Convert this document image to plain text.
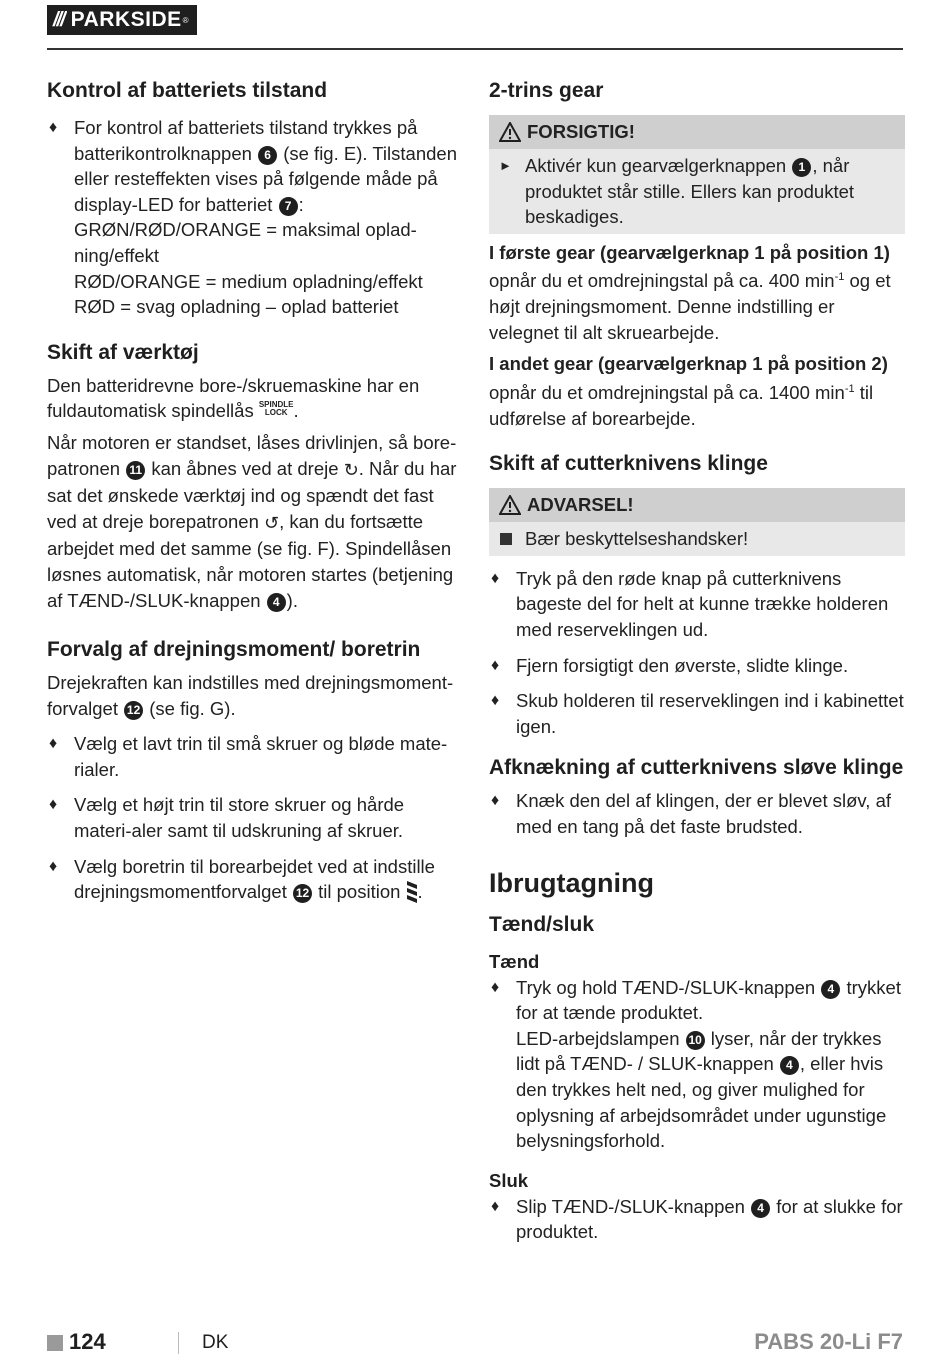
/// PARKSIDE ®
Kontrol af batteriets tilstand
♦ For kontrol af batteriets tilstand trykkes på batterikontrolknappen 6 (se fig. E). Tilstanden eller resteffekten vises på følgende måde på display-LED for batteriet 7 :
GRØN/RØD/ORANGE = maksimal oplad-ning/effekt
RØD/ORANGE = medium opladning/effekt
RØD = svag opladning – oplad batteriet
Skift af værktøj

Den batteridrevne bore-/skruemaskine har en fuldautomatisk spindellås SPINDLE
LOCK .

Når motoren er standset, låses drivlinjen, så bore-patronen 11 kan åbnes ved at dreje ↻. Når du har sat det ønskede værktøj ind og spændt det fast ved at dreje borepatronen ↺, kan du fortsætte arbejdet med det samme (se fig. F). Spindellåsen løsnes automatisk, når motoren startes (betjening af TÆND-/SLUK-knappen 4 ).

Forvalg af drejningsmoment/ boretrin

Drejekraften kan indstilles med drejningsmoment-forvalget 12 (se fig. G).

♦ Vælg et lavt trin til små skruer og bløde mate-rialer.
♦ Vælg et højt trin til store skruer og hårde materi-aler samt til udskruning af skruer.
♦ Vælg boretrin til borearbejdet ved at indstille drejningsmomentforvalget 12 til position .
2-trins gear
FORSIGTIG!
► Aktivér kun gearvælgerknappen 1 , når produktet står stille. Ellers kan produktet beskadiges.

I første gear (gearvælgerknap 1 på position 1) opnår du et omdrejningstal på ca. 400 $\min^{-1}$ og et højt drejningsmoment. Denne indstilling er velegnet til alt skruearbejde.

I andet gear (gearvælgerknap 1 på position 2) opnår du et omdrejningstal på ca. 1400 $\min^{-1}$ til udførelse af borearbejde.

Skift af cutterknivens klinge
ADVARSEL!
Bær beskyttelseshandsker!
♦ Tryk på den røde knap på cutterknivens bageste del for helt at kunne trække holderen med reserveklingen ud.
♦ Fjern forsigtigt den øverste, slidte klinge.
♦ Skub holderen til reserveklingen ind i kabinettet igen.
Afknækning af cutterknivens sløve klinge
♦ Knæk den del af klingen, der er blevet sløv, af med en tang på det faste brudsted.
Ibrugtagning
Tænd/sluk
Tænd
♦ Tryk og hold TÆND-/SLUK-knappen 4 trykket for at tænde produktet.
LED-arbejdslampen 10 lyser, når der trykkes lidt på TÆND- / SLUK-knappen 4 , eller hvis den trykkes helt ned, og giver mulighed for oplysning af arbejdsområdet under ugunstige belysningsforhold.
Sluk
♦ Slip TÆND-/SLUK-knappen 4 for at slukke for produktet.
124	DK	PABS 20-Li F7
